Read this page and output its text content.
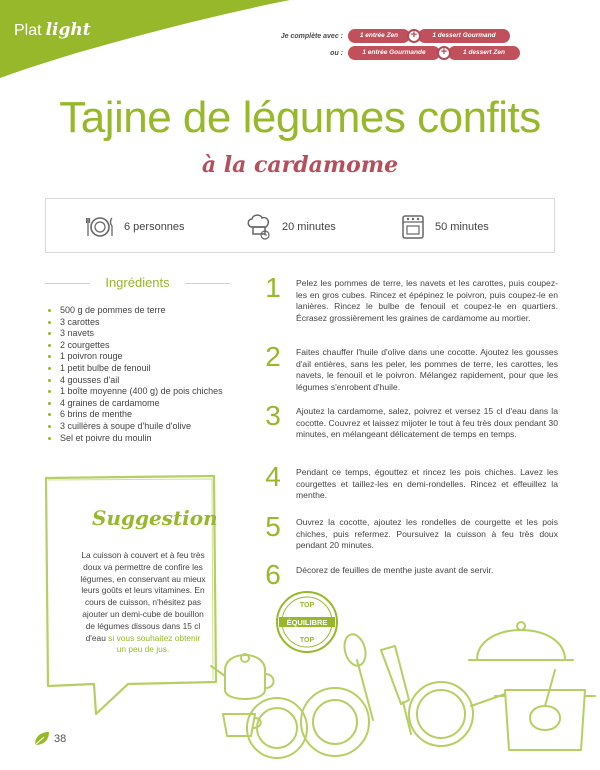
Plat light	Je complète avec :	1 entrée Zen	+	1 dessert Gourmand
ou :	1 entrée Gourmande	+	1 dessert Zen
Tajine de légumes confits
à la cardamome
6 personnes	20 minutes	50 minutes
Ingrédients
500 g de pommes de terre
3 carottes
3 navets
2 courgettes
1 poivron rouge
1 petit bulbe de fenouil
4 gousses d'ail
1 boîte moyenne (400 g) de pois chiches
4 graines de cardamome
6 brins de menthe
3 cuillères à soupe d'huile d'olive
Sel et poivre du moulin
Suggestion
La cuisson à couvert et à feu très doux va permettre de confire les légumes, en conservant au mieux leurs goûts et leurs vitamines. En cours de cuisson, n'hésitez pas ajouter un demi-cube de bouillon de légumes dissous dans 15 cl d'eau si vous souhaitez obtenir un peu de jus.
1	Pelez les pommes de terre, les navets et les carottes, puis coupez-les en gros cubes. Rincez et épépinez le poivron, puis coupez-le en lanières. Rincez le bulbe de fenouil et coupez-le en quartiers. Écrasez grossièrement les graines de cardamome au mortier.
2	Faites chauffer l'huile d'olive dans une cocotte. Ajoutez les gousses d'ail entières, sans les peler, les pommes de terre, les carottes, les navets, le fenouil et le poivron. Mélangez rapidement, pour que les légumes s'enrobent d'huile.
3	Ajoutez la cardamome, salez, poivrez et versez 15 cl d'eau dans la cocotte. Couvrez et laissez mijoter le tout à feu très doux pendant 30 minutes, en mélangeant délicatement de temps en temps.
4	Pendant ce temps, égouttez et rincez les pois chiches. Lavez les courgettes et taillez-les en demi-rondelles. Rincez et effeuillez la menthe.
5	Ouvrez la cocotte, ajoutez les rondelles de courgette et les pois chiches, puis refermez. Poursuivez la cuisson à feu très doux pendant 20 minutes.
6	Décorez de feuilles de menthe juste avant de servir.
TOP
ÉQUILIBRE
TOP
38
